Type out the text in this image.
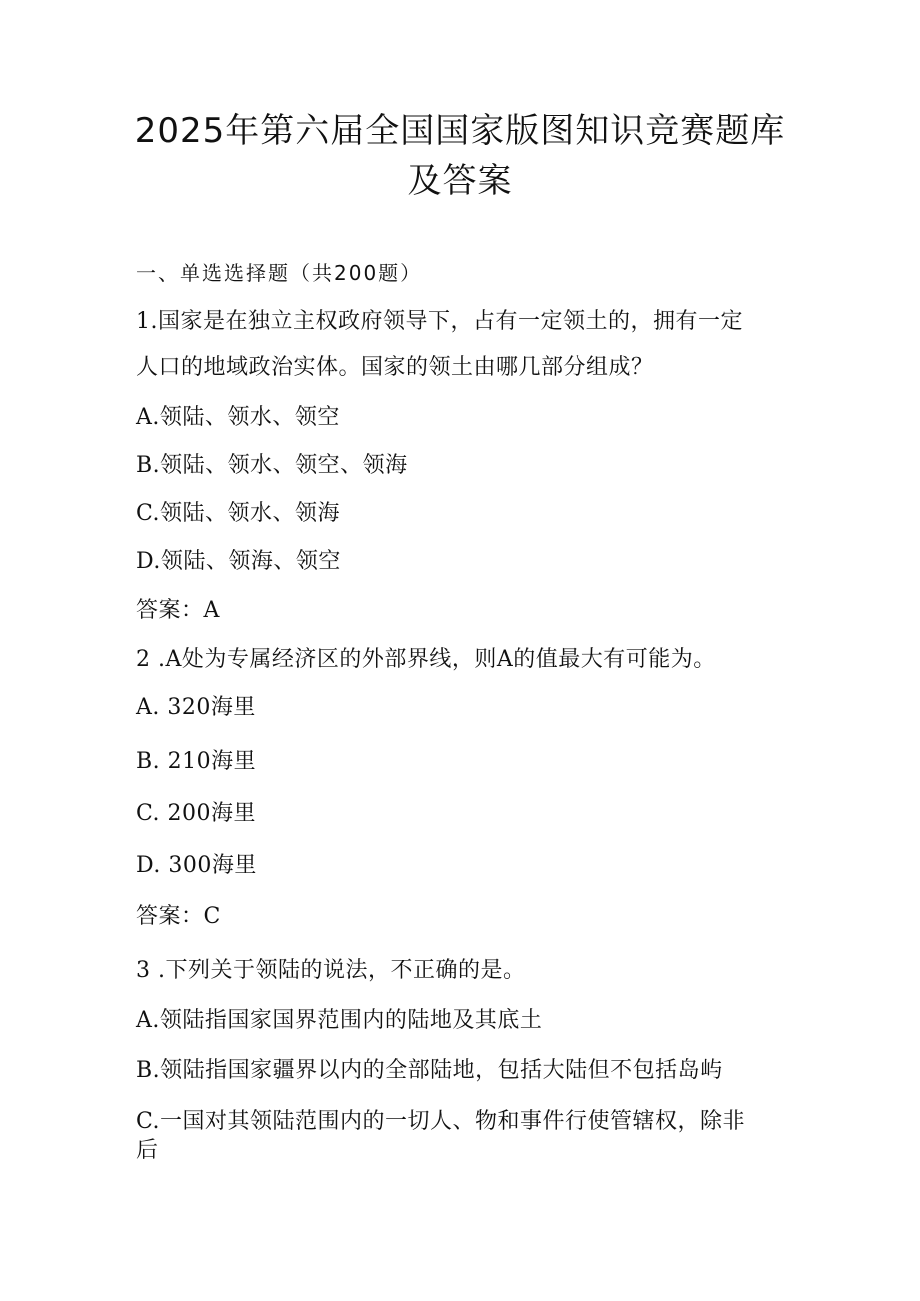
2025年第六届全国国家版图知识竞赛题库
及答案
一、单选选择题（共200题）
1.国家是在独立主权政府领导下，占有一定领土的，拥有一定
人口的地域政治实体。国家的领土由哪几部分组成？
A.领陆、领水、领空
B.领陆、领水、领空、领海
C.领陆、领水、领海
D.领陆、领海、领空
答案：A
2 .A处为专属经济区的外部界线，则A的值最大有可能为。
A. 320海里
B. 210海里
C. 200海里
D. 300海里
答案：C
3 .下列关于领陆的说法，不正确的是。
A.领陆指国家国界范围内的陆地及其底土
B.领陆指国家疆界以内的全部陆地，包括大陆但不包括岛屿
C.一国对其领陆范围内的一切人、物和事件行使管辖权，除非
后
